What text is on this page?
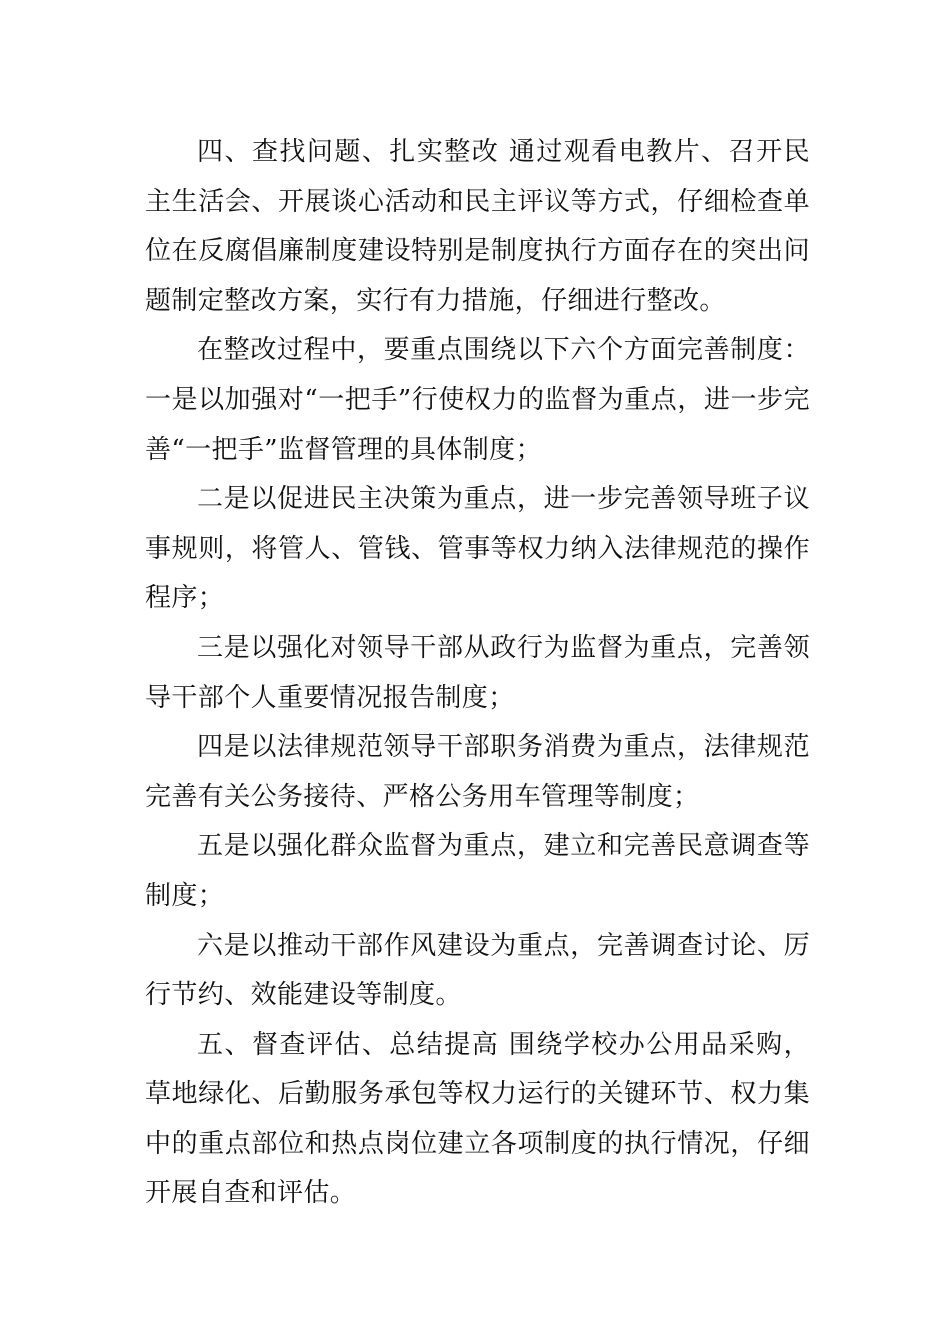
四、查找问题、扎实整改 通过观看电教片、召开民主生活会、开展谈心活动和民主评议等方式，仔细检查单位在反腐倡廉制度建设特别是制度执行方面存在的突出问题制定整改方案，实行有力措施，仔细进行整改。

在整改过程中，要重点围绕以下六个方面完善制度：一是以加强对“一把手”行使权力的监督为重点，进一步完善“一把手”监督管理的具体制度；

二是以促进民主决策为重点，进一步完善领导班子议事规则，将管人、管钱、管事等权力纳入法律规范的操作程序；

三是以强化对领导干部从政行为监督为重点，完善领导干部个人重要情况报告制度；

四是以法律规范领导干部职务消费为重点，法律规范完善有关公务接待、严格公务用车管理等制度；

五是以强化群众监督为重点，建立和完善民意调查等制度；

六是以推动干部作风建设为重点，完善调查讨论、厉行节约、效能建设等制度。

五、督查评估、总结提高 围绕学校办公用品采购，草地绿化、后勤服务承包等权力运行的关键环节、权力集中的重点部位和热点岗位建立各项制度的执行情况，仔细开展自查和评估。
